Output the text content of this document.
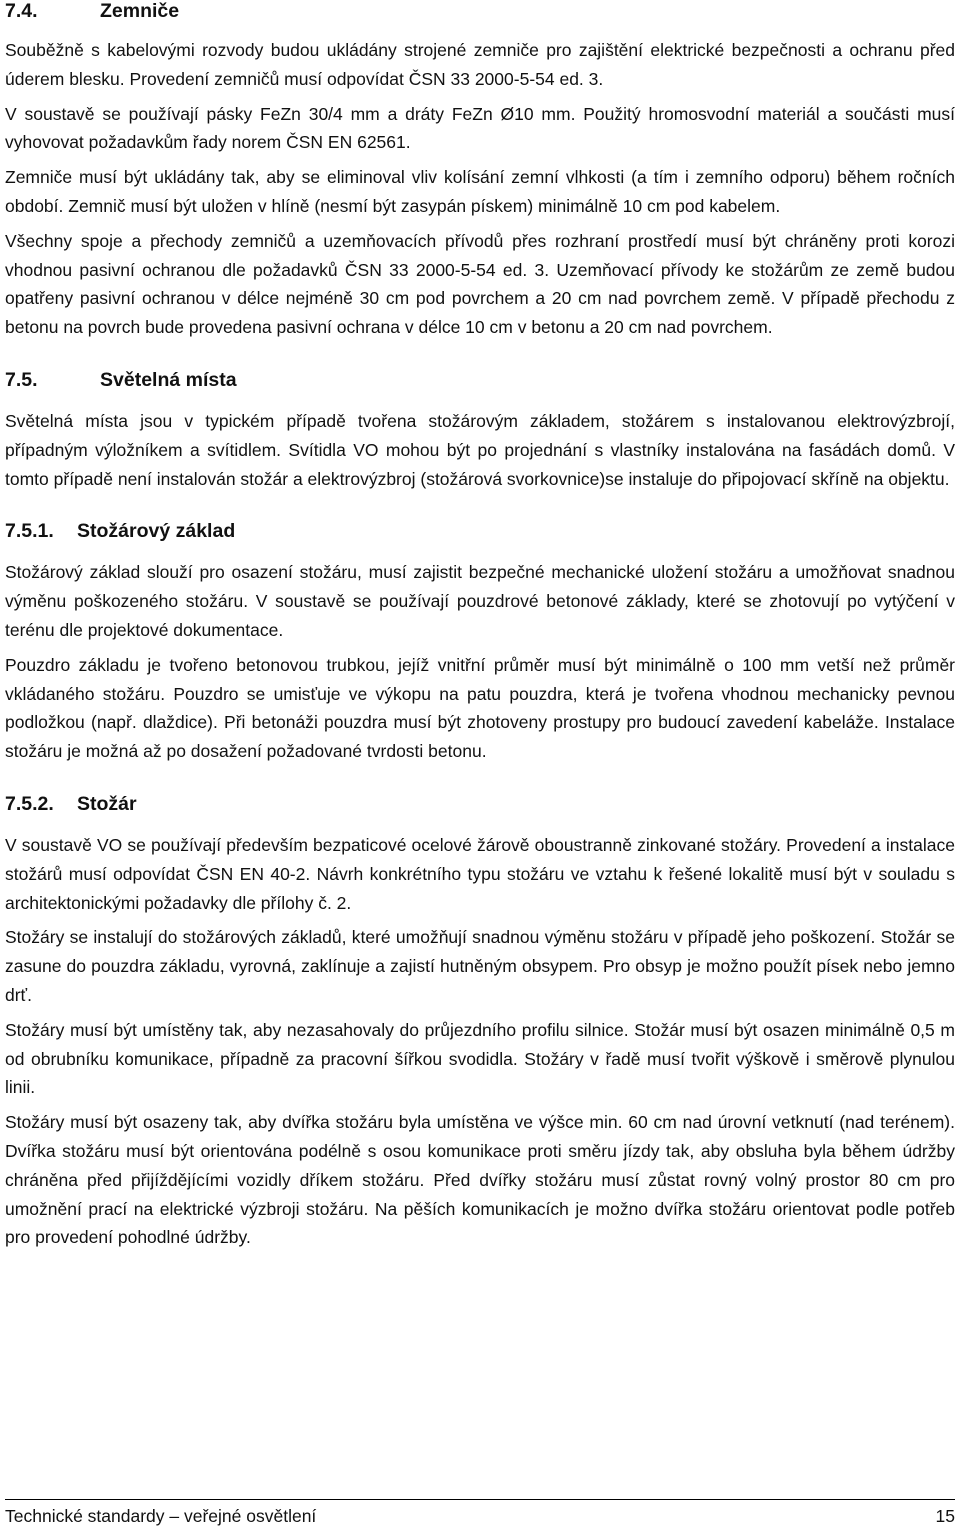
7.4.	Zemniče

Souběžně s kabelovými rozvody budou ukládány strojené zemniče pro zajištění elektrické bezpečnosti a ochranu před úderem blesku. Provedení zemničů musí odpovídat ČSN 33 2000-5-54 ed. 3.

V soustavě se používají pásky FeZn 30/4 mm a dráty FeZn Ø10 mm. Použitý hromosvodní materiál a součásti musí vyhovovat požadavkům řady norem ČSN EN 62561.

Zemniče musí být ukládány tak, aby se eliminoval vliv kolísání zemní vlhkosti (a tím i zemního odporu) během ročních období. Zemnič musí být uložen v hlíně (nesmí být zasypán pískem) minimálně 10 cm pod kabelem.

Všechny spoje a přechody zemničů a uzemňovacích přívodů přes rozhraní prostředí musí být chráněny proti korozi vhodnou pasivní ochranou dle požadavků ČSN 33 2000-5-54 ed. 3. Uzemňovací přívody ke stožárům ze země budou opatřeny pasivní ochranou v délce nejméně 30 cm pod povrchem a 20 cm nad povrchem země. V případě přechodu z betonu na povrch bude provedena pasivní ochrana v délce 10 cm v betonu a 20 cm nad povrchem.

7.5.	Světelná místa

Světelná místa jsou v typickém případě tvořena stožárovým základem, stožárem s instalovanou elektrovýzbrojí, případným výložníkem a svítidlem. Svítidla VO mohou být po projednání s vlastníky instalována na fasádách domů. V tomto případě není instalován stožár a elektrovýzbroj (stožárová svorkovnice)se instaluje do připojovací skříně na objektu.

7.5.1. Stožárový základ

Stožárový základ slouží pro osazení stožáru, musí zajistit bezpečné mechanické uložení stožáru a umožňovat snadnou výměnu poškozeného stožáru. V soustavě se používají pouzdrové betonové základy, které se zhotovují po vytýčení v terénu dle projektové dokumentace.

Pouzdro základu je tvořeno betonovou trubkou, jejíž vnitřní průměr musí být minimálně o 100 mm vetší než průměr vkládaného stožáru. Pouzdro se umisťuje ve výkopu na patu pouzdra, která je tvořena vhodnou mechanicky pevnou podložkou (např. dlaždice). Při betonáži pouzdra musí být zhotoveny prostupy pro budoucí zavedení kabeláže. Instalace stožáru je možná až po dosažení požadované tvrdosti betonu.

7.5.2. Stožár

V soustavě VO se používají především bezpaticové ocelové žárově oboustranně zinkované stožáry. Provedení a instalace stožárů musí odpovídat ČSN EN 40-2. Návrh konkrétního typu stožáru ve vztahu k řešené lokalitě musí být v souladu s architektonickými požadavky dle přílohy č. 2.

Stožáry se instalují do stožárových základů, které umožňují snadnou výměnu stožáru v případě jeho poškození. Stožár se zasune do pouzdra základu, vyrovná, zaklínuje a zajistí hutněným obsypem. Pro obsyp je možno použít písek nebo jemno drť.

Stožáry musí být umístěny tak, aby nezasahovaly do průjezdního profilu silnice. Stožár musí být osazen minimálně 0,5 m od obrubníku komunikace, případně za pracovní šířkou svodidla. Stožáry v řadě musí tvořit výškově i směrově plynulou linii.

Stožáry musí být osazeny tak, aby dvířka stožáru byla umístěna ve výšce min. 60 cm nad úrovní vetknutí (nad terénem). Dvířka stožáru musí být orientována podélně s osou komunikace proti směru jízdy tak, aby obsluha byla během údržby chráněna před přijíždějícími vozidly dříkem stožáru. Před dvířky stožáru musí zůstat rovný volný prostor 80 cm pro umožnění prací na elektrické výzbroji stožáru. Na pěších komunikacích je možno dvířka stožáru orientovat podle potřeb pro provedení pohodlné údržby.

Technické standardy – veřejné osvětlení	15
